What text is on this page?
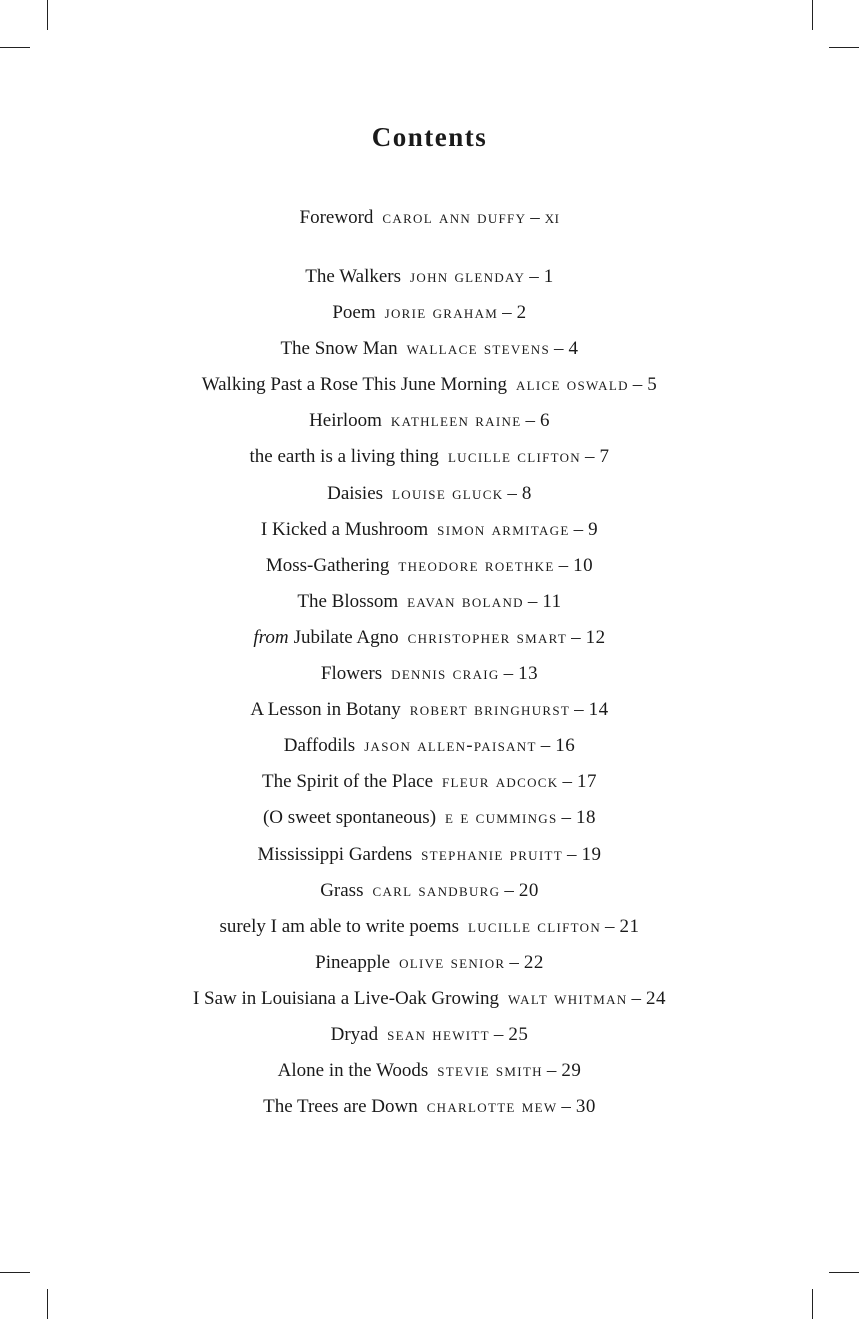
Contents
Foreword carol ann duffy – xi
The Walkers john glenday – 1
Poem jorie graham – 2
The Snow Man wallace stevens – 4
Walking Past a Rose This June Morning alice oswald – 5
Heirloom kathleen raine – 6
the earth is a living thing lucille clifton – 7
Daisies louise gluck – 8
I Kicked a Mushroom simon armitage – 9
Moss-Gathering theodore roethke – 10
The Blossom eavan boland – 11
from Jubilate Agno christopher smart – 12
Flowers dennis craig – 13
A Lesson in Botany robert bringhurst – 14
Daffodils jason allen-paisant – 16
The Spirit of the Place fleur adcock – 17
(O sweet spontaneous) e e cummings – 18
Mississippi Gardens stephanie pruitt – 19
Grass carl sandburg – 20
surely I am able to write poems lucille clifton – 21
Pineapple olive senior – 22
I Saw in Louisiana a Live-Oak Growing walt whitman – 24
Dryad sean hewitt – 25
Alone in the Woods stevie smith – 29
The Trees are Down charlotte mew – 30
